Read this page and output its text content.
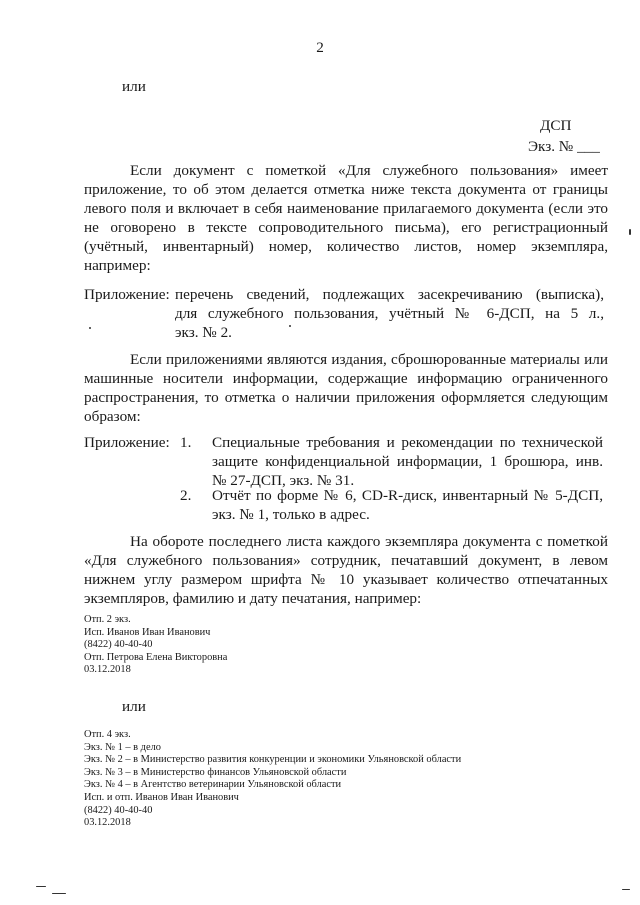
2
или
ДСП
Экз. № ___
Если документ с пометкой «Для служебного пользования» имеет
приложение, то об этом делается отметка ниже текста документа от границы
левого поля и включает в себя наименование прилагаемого документа (если это
не оговорено в тексте сопроводительного письма), его регистрационный
(учётный, инвентарный) номер, количество листов, номер экземпляра,
например:
Приложение: перечень сведений, подлежащих засекречиванию (выписка),
для служебного пользования, учётный № 6-ДСП, на 5 л.,
экз. № 2.
Если приложениями являются издания, сброшюрованные материалы или
машинные носители информации, содержащие информацию ограниченного
распространения, то отметка о наличии приложения оформляется следующим
образом:
Приложение: 1. Специальные требования и рекомендации по технической
защите конфиденциальной информации, 1 брошюра, инв.
№ 27-ДСП, экз. № 31.
2. Отчёт по форме № 6, CD-R-диск, инвентарный № 5-ДСП,
экз. № 1, только в адрес.
На обороте последнего листа каждого экземпляра документа с пометкой
«Для служебного пользования» сотрудник, печатавший документ, в левом
нижнем углу размером шрифта № 10 указывает количество отпечатанных
экземпляров, фамилию и дату печатания, например:
Отп. 2 экз.
Исп. Иванов Иван Иванович
(8422) 40-40-40
Отп. Петрова Елена Викторовна
03.12.2018
или
Отп. 4 экз.
Экз. № 1 – в дело
Экз. № 2 – в Министерство развития конкуренции и экономики Ульяновской области
Экз. № 3 – в Министерство финансов Ульяновской области
Экз. № 4 – в Агентство ветеринарии Ульяновской области
Исп. и отп. Иванов Иван Иванович
(8422) 40-40-40
03.12.2018
